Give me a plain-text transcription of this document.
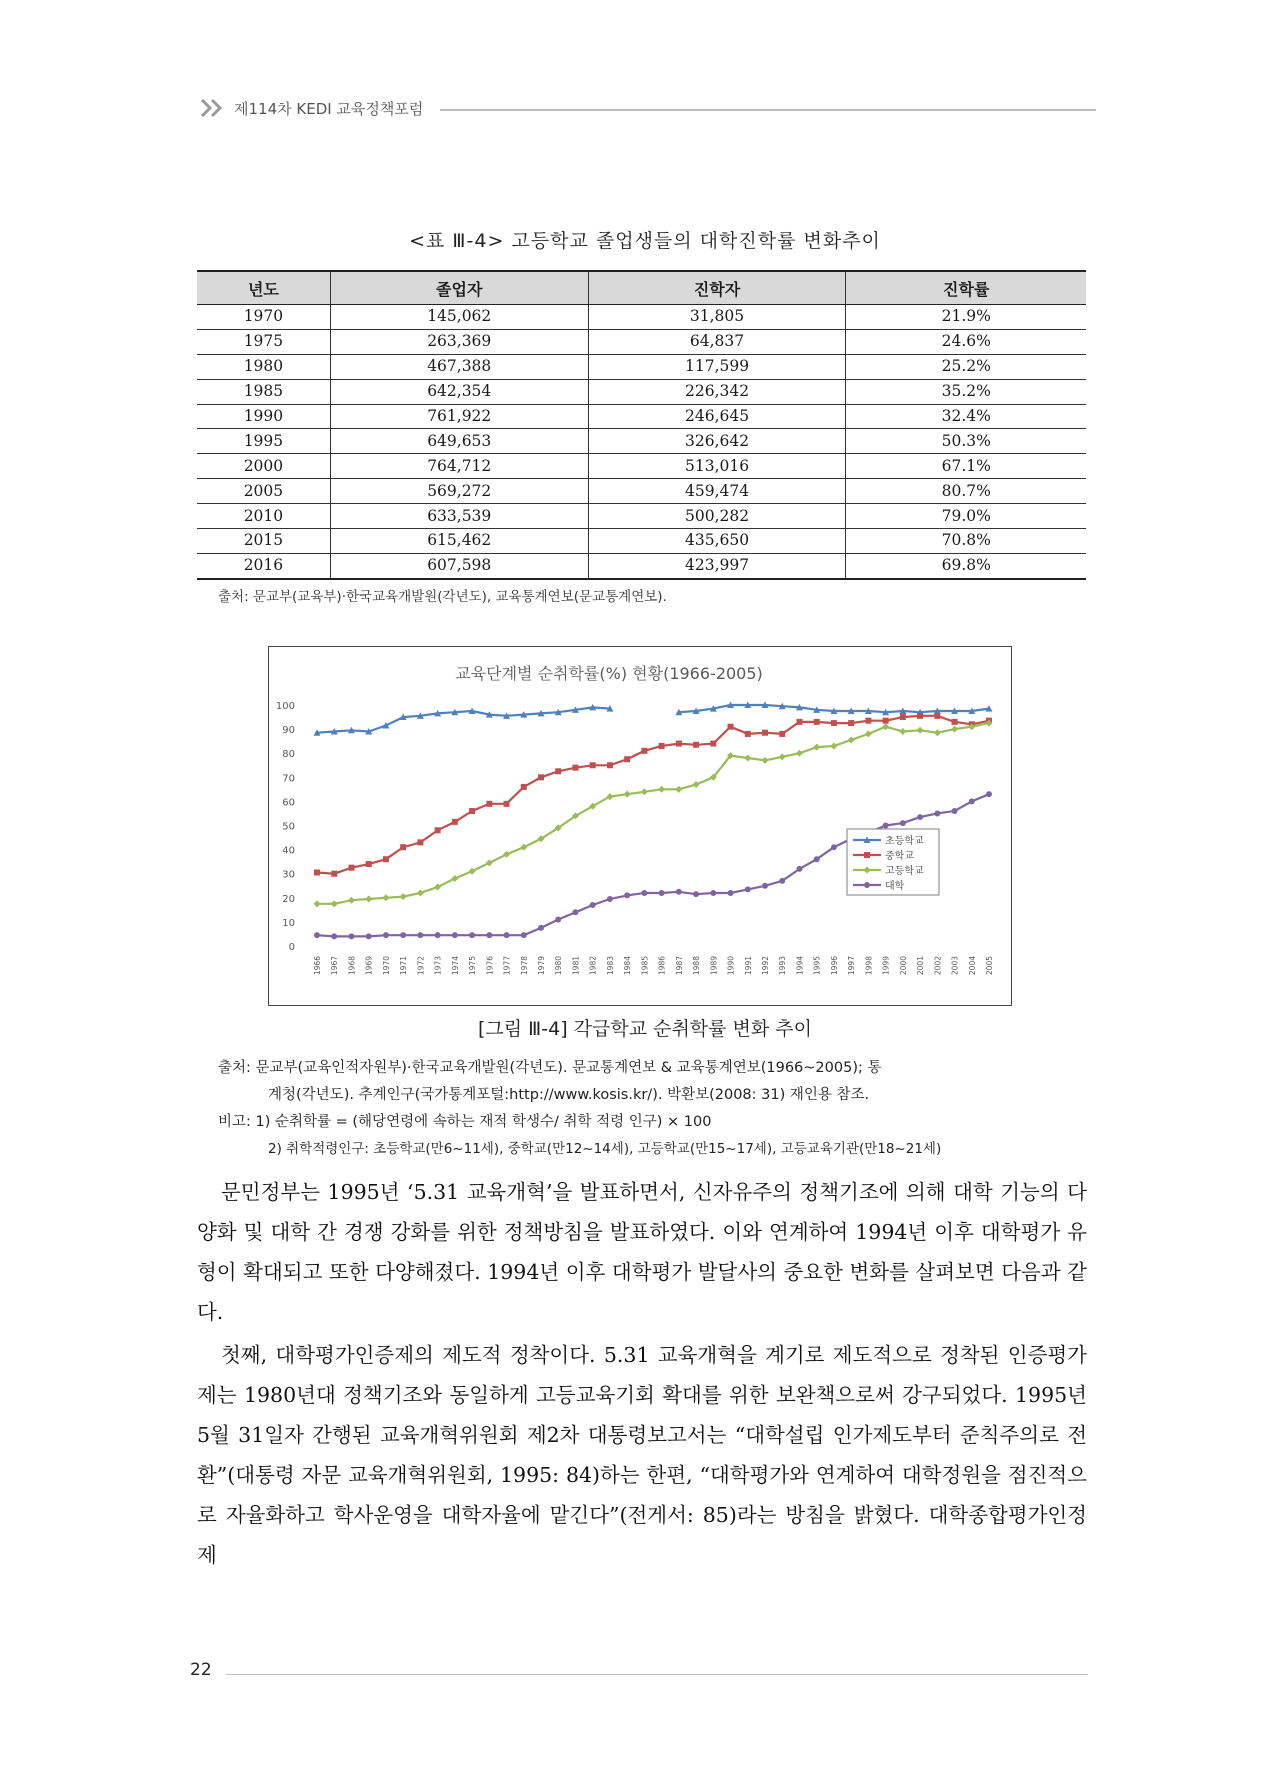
제114차 KEDI 교육정책포럼
<표 Ⅲ-4> 고등학교 졸업생들의 대학진학률 변화추이
년도	졸업자	진학자	진학률
1970	145,062	31,805	21.9%
1975	263,369	64,837	24.6%
1980	467,388	117,599	25.2%
1985	642,354	226,342	35.2%
1990	761,922	246,645	32.4%
1995	649,653	326,642	50.3%
2000	764,712	513,016	67.1%
2005	569,272	459,474	80.7%
2010	633,539	500,282	79.0%
2015	615,462	435,650	70.8%
2016	607,598	423,997	69.8%
출처: 문교부(교육부)·한국교육개발원(각년도), 교육통계연보(문교통계연보).
교육단계별 순취학률(%) 현황(1966-2005)
0
10
20
30
40
50
60
70
80
90
100
1966 1967 1968 1969 1970 1971 1972 1973 1974 1975 1976 1977 1978 1979 1980 1981 1982 1983 1984 1985 1986 1987 1988 1989 1990 1991 1992 1993 1994 1995 1996 1997 1998 1999 2000 2001 2002 2003 2004 2005
초등학교
중학교
고등학교
대학
[그림 Ⅲ-4] 각급학교 순취학률 변화 추이
출처: 문교부(교육인적자원부)·한국교육개발원(각년도). 문교통계연보 & 교육통계연보(1966~2005); 통
계청(각년도). 추계인구(국가통계포털:http://www.kosis.kr/). 박환보(2008: 31) 재인용 참조.
비고: 1) 순취학률 = (해당연령에 속하는 재적 학생수/ 취학 적령 인구) × 100
2) 취학적령인구: 초등학교(만6~11세), 중학교(만12~14세), 고등학교(만15~17세), 고등교육기관(만18~21세)
문민정부는 1995년 ‘5.31 교육개혁’을 발표하면서, 신자유주의 정책기조에 의해 대학 기능의 다양화 및 대학 간 경쟁 강화를 위한 정책방침을 발표하였다. 이와 연계하여 1994년 이후 대학평가 유형이 확대되고 또한 다양해졌다. 1994년 이후 대학평가 발달사의 중요한 변화를 살펴보면 다음과 같다.
첫째, 대학평가인증제의 제도적 정착이다. 5.31 교육개혁을 계기로 제도적으로 정착된 인증평가제는 1980년대 정책기조와 동일하게 고등교육기회 확대를 위한 보완책으로써 강구되었다. 1995년 5월 31일자 간행된 교육개혁위원회 제2차 대통령보고서는 “대학설립 인가제도부터 준칙주의로 전환”(대통령 자문 교육개혁위원회, 1995: 84)하는 한편, “대학평가와 연계하여 대학정원을 점진적으로 자율화하고 학사운영을 대학자율에 맡긴다”(전게서: 85)라는 방침을 밝혔다. 대학종합평가인정제
22
